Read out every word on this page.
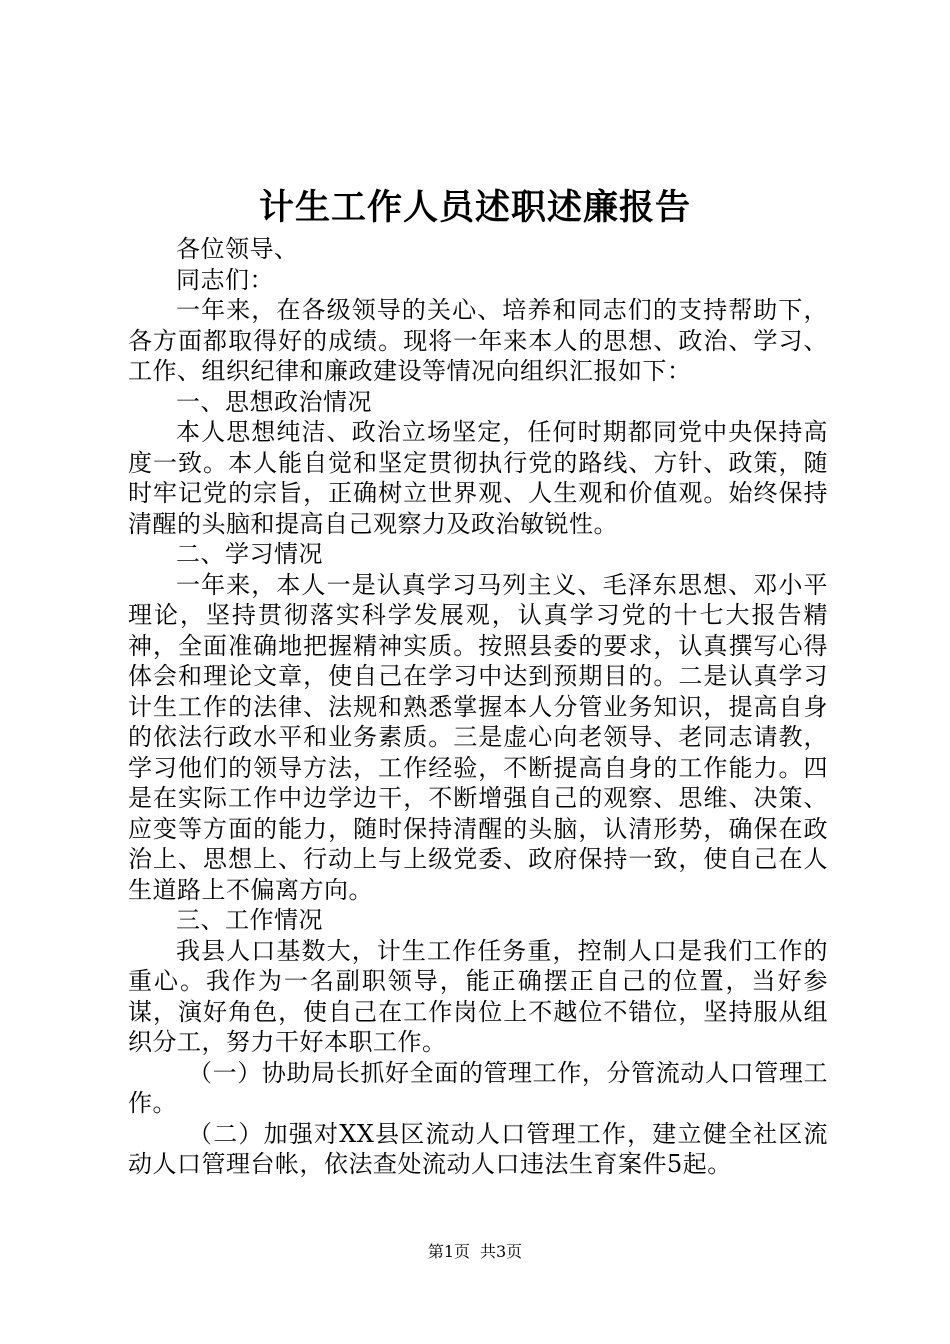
计生工作人员述职述廉报告

各位领导、

同志们：

一年来，在各级领导的关心、培养和同志们的支持帮助下，各方面都取得好的成绩。现将一年来本人的思想、政治、学习、工作、组织纪律和廉政建设等情况向组织汇报如下：

一、思想政治情况

本人思想纯洁、政治立场坚定，任何时期都同党中央保持高度一致。本人能自觉和坚定贯彻执行党的路线、方针、政策，随时牢记党的宗旨，正确树立世界观、人生观和价值观。始终保持清醒的头脑和提高自己观察力及政治敏锐性。

二、学习情况

一年来，本人一是认真学习马列主义、毛泽东思想、邓小平理论，坚持贯彻落实科学发展观，认真学习党的十七大报告精神，全面准确地把握精神实质。按照县委的要求，认真撰写心得体会和理论文章，使自己在学习中达到预期目的。二是认真学习计生工作的法律、法规和熟悉掌握本人分管业务知识，提高自身的依法行政水平和业务素质。三是虚心向老领导、老同志请教，学习他们的领导方法，工作经验，不断提高自身的工作能力。四是在实际工作中边学边干，不断增强自己的观察、思维、决策、应变等方面的能力，随时保持清醒的头脑，认清形势，确保在政治上、思想上、行动上与上级党委、政府保持一致，使自己在人生道路上不偏离方向。

三、工作情况

我县人口基数大，计生工作任务重，控制人口是我们工作的重心。我作为一名副职领导，能正确摆正自己的位置，当好参谋，演好角色，使自己在工作岗位上不越位不错位，坚持服从组织分工，努力干好本职工作。

（一）协助局长抓好全面的管理工作，分管流动人口管理工作。

（二）加强对XX县区流动人口管理工作，建立健全社区流动人口管理台帐，依法查处流动人口违法生育案件5起。

第1页 共3页
